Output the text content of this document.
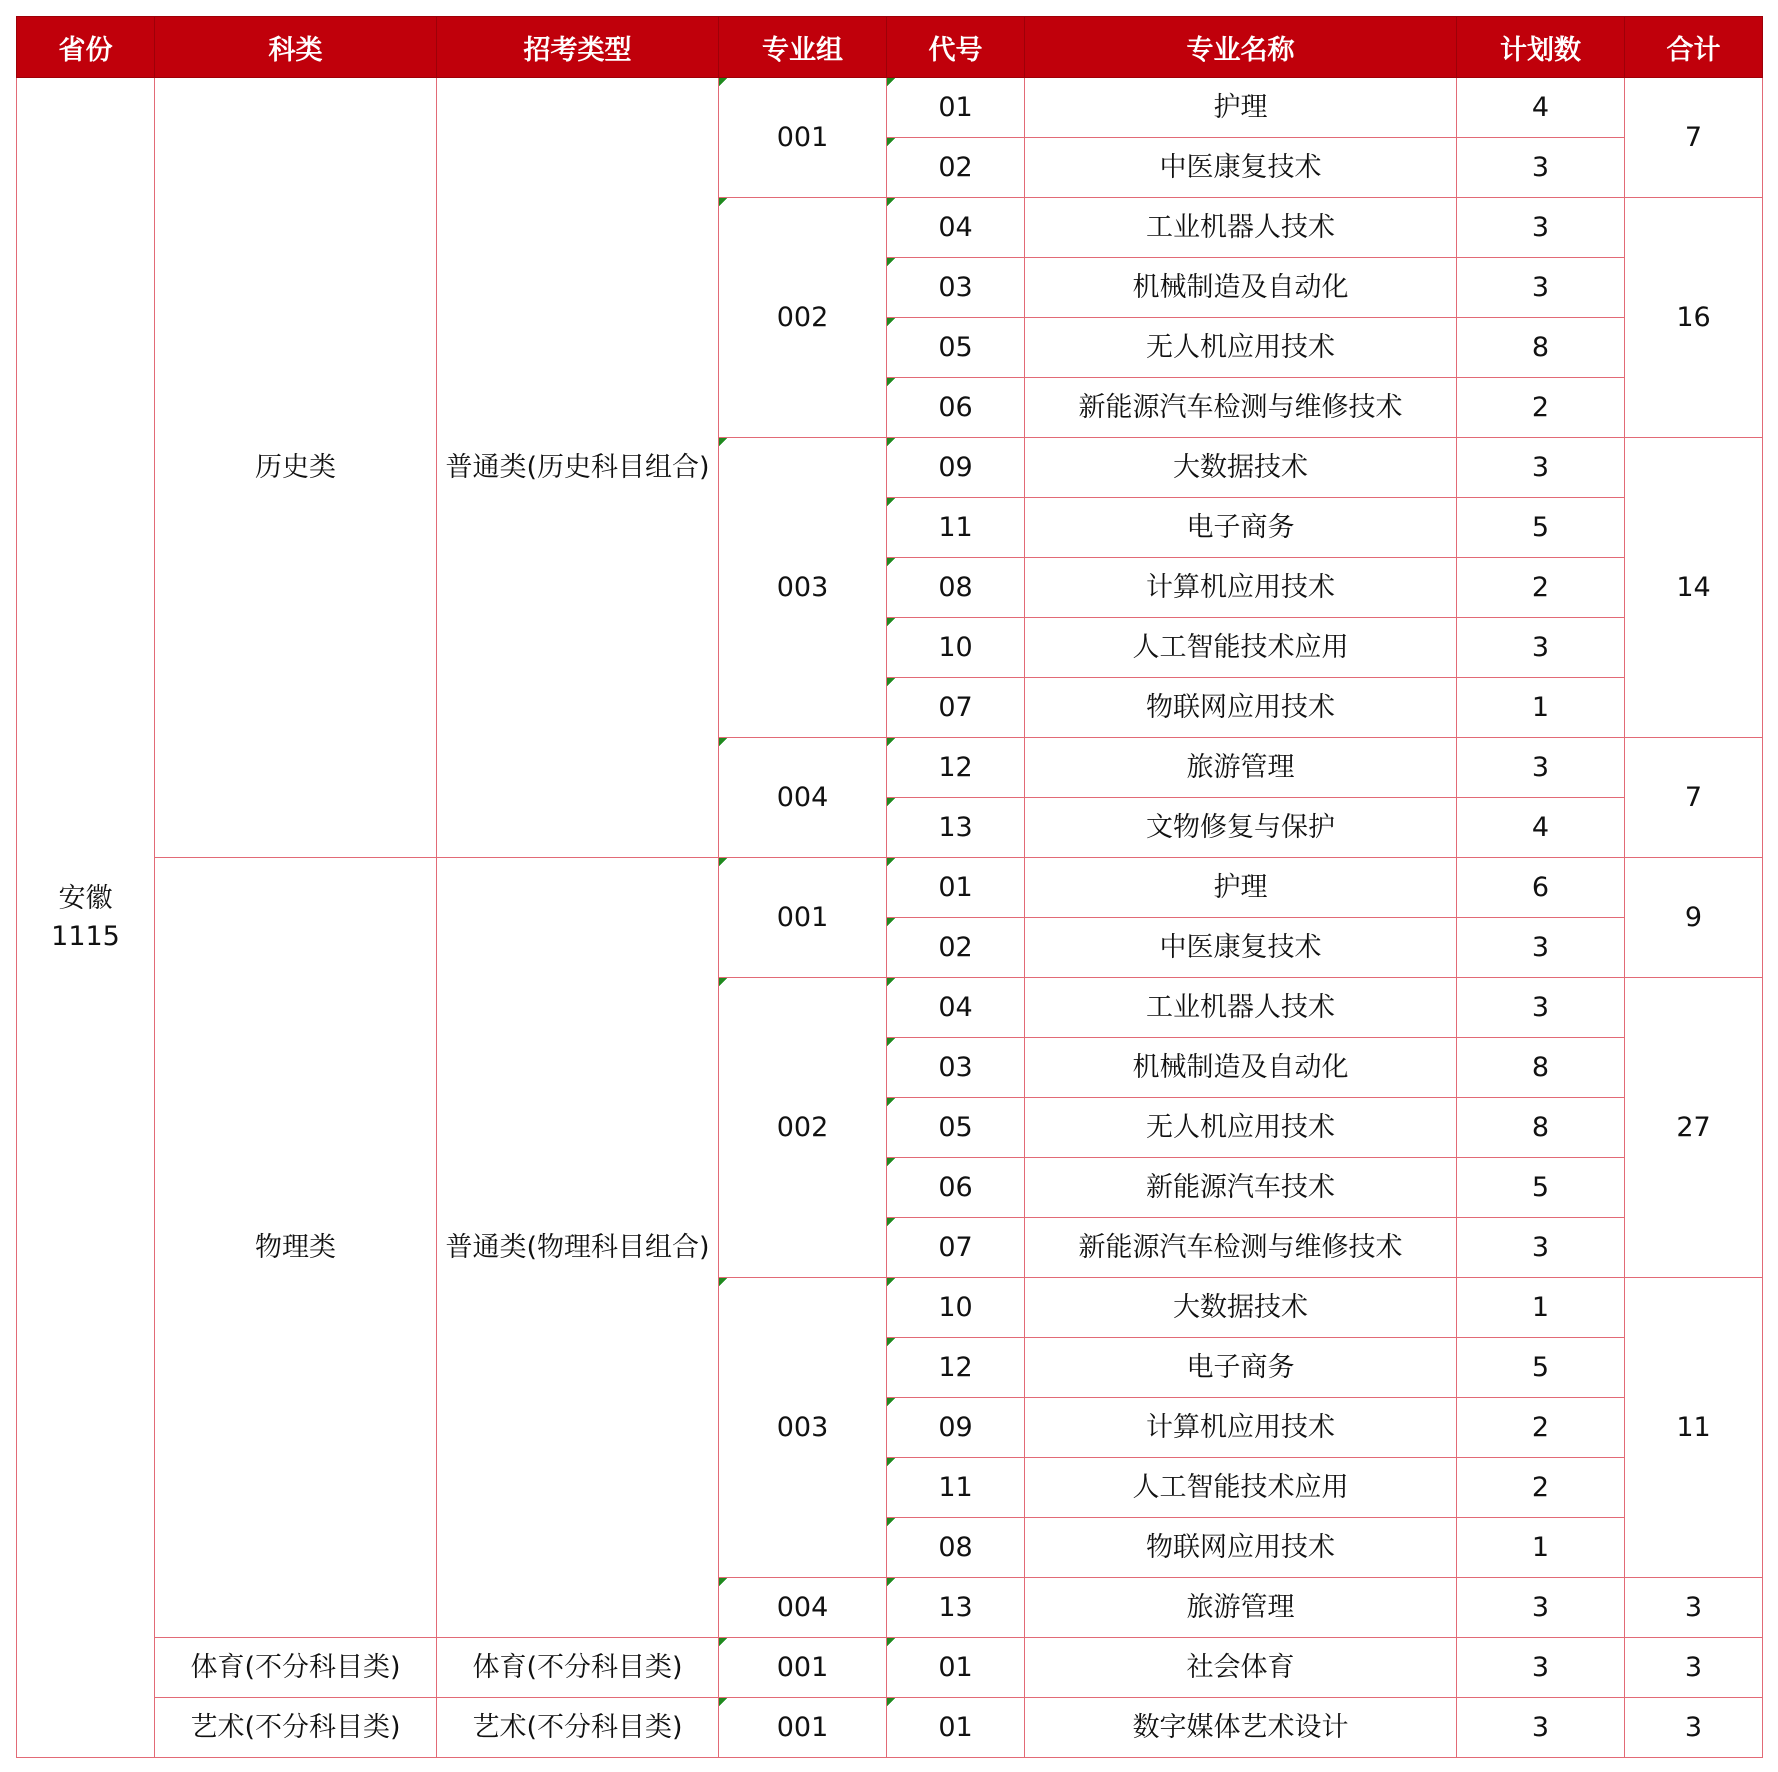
省份	科类	招考类型	专业组	代号	专业名称	计划数	合计

安徽
1115	历史类	普通类(历史科目组合)	001	01	护理	4	7
				02	中医康复技术	3	
			002	04	工业机器人技术	3	16
				03	机械制造及自动化	3	
				05	无人机应用技术	8	
				06	新能源汽车检测与维修技术	2	
			003	09	大数据技术	3	14
				11	电子商务	5	
				08	计算机应用技术	2	
				10	人工智能技术应用	3	
				07	物联网应用技术	1	
			004	12	旅游管理	3	7
				13	文物修复与保护	4	
	物理类	普通类(物理科目组合)	001	01	护理	6	9
				02	中医康复技术	3	
			002	04	工业机器人技术	3	27
				03	机械制造及自动化	8	
				05	无人机应用技术	8	
				06	新能源汽车技术	5	
				07	新能源汽车检测与维修技术	3	
			003	10	大数据技术	1	11
				12	电子商务	5	
				09	计算机应用技术	2	
				11	人工智能技术应用	2	
				08	物联网应用技术	1	
			004	13	旅游管理	3	3
	体育(不分科目类)	体育(不分科目类)	001	01	社会体育	3	3
	艺术(不分科目类)	艺术(不分科目类)	001	01	数字媒体艺术设计	3	3
